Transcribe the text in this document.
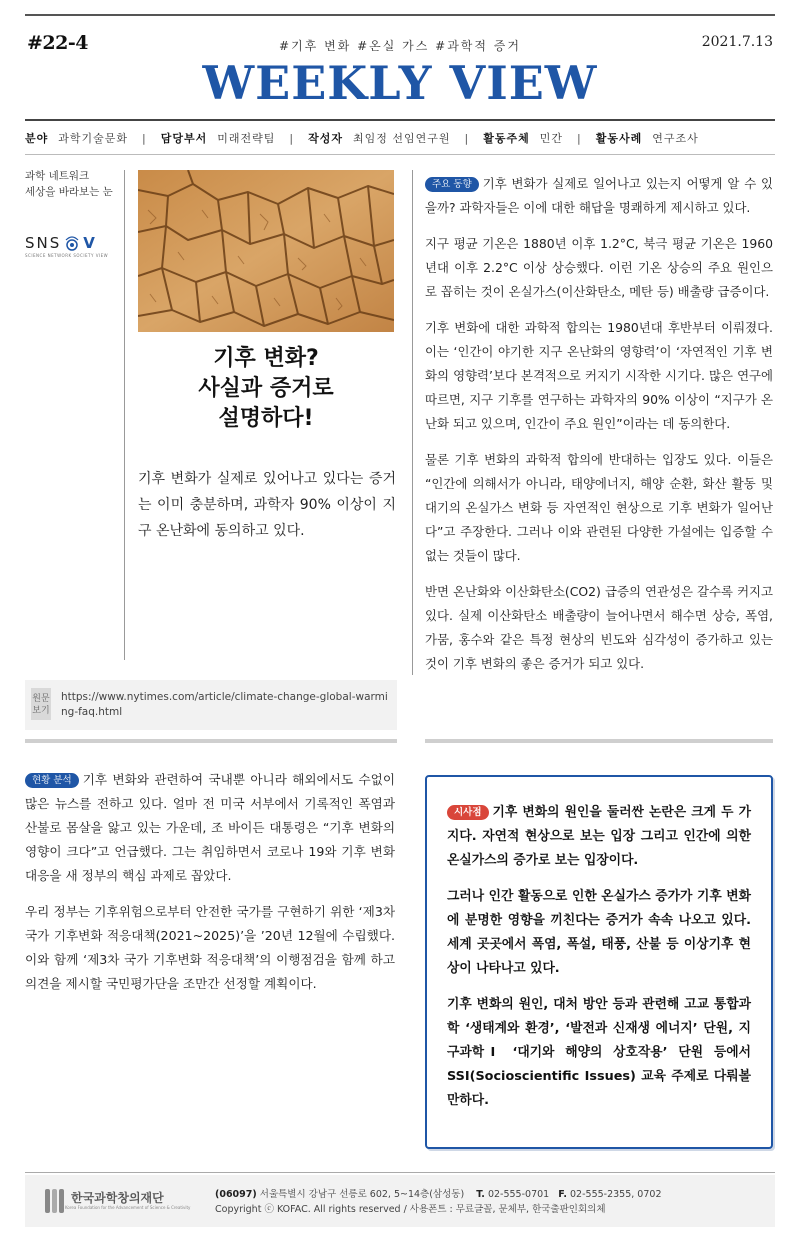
#22-4	#기후 변화 #온실 가스 #과학적 증거	2021.7.13
WEEKLY VIEW
분야 과학기술문화 | 담당부서 미래전략팀 | 작성자 최임정 선임연구원 | 활동주체 민간 | 활동사례 연구조사
과학 네트워크
세상을 바라보는 눈
SNS V
SCIENCE NETWORK SOCIETY VIEW
기후 변화?
사실과 증거로
설명하다!
기후 변화가 실제로 있어나고 있다는 증거는 이미 충분하며, 과학자 90% 이상이 지구 온난화에 동의하고 있다.
원문
보기
https://www.nytimes.com/article/climate-change-global-warming-faq.html

주요 동향 기후 변화가 실제로 일어나고 있는지 어떻게 알 수 있을까? 과학자들은 이에 대한 해답을 명쾌하게 제시하고 있다.

지구 평균 기온은 1880년 이후 1.2°C, 북극 평균 기온은 1960년대 이후 2.2°C 이상 상승했다. 이런 기온 상승의 주요 원인으로 꼽히는 것이 온실가스(이산화탄소, 메탄 등) 배출량 급증이다.

기후 변화에 대한 과학적 합의는 1980년대 후반부터 이뤄졌다. 이는 ‘인간이 야기한 지구 온난화의 영향력’이 ‘자연적인 기후 변화의 영향력’보다 본격적으로 커지기 시작한 시기다. 많은 연구에 따르면, 지구 기후를 연구하는 과학자의 90% 이상이 “지구가 온난화 되고 있으며, 인간이 주요 원인”이라는 데 동의한다.

물론 기후 변화의 과학적 합의에 반대하는 입장도 있다. 이들은 “인간에 의해서가 아니라, 태양에너지, 해양 순환, 화산 활동 및 대기의 온실가스 변화 등 자연적인 현상으로 기후 변화가 일어난다”고 주장한다. 그러나 이와 관련된 다양한 가설에는 입증할 수 없는 것들이 많다.

반면 온난화와 이산화탄소(CO2) 급증의 연관성은 갈수록 커지고 있다. 실제 이산화탄소 배출량이 늘어나면서 해수면 상승, 폭염, 가뭄, 홍수와 같은 특정 현상의 빈도와 심각성이 증가하고 있는 것이 기후 변화의 좋은 증거가 되고 있다.

현황 분석 기후 변화와 관련하여 국내뿐 아니라 해외에서도 수없이 많은 뉴스를 전하고 있다. 얼마 전 미국 서부에서 기록적인 폭염과 산불로 몸살을 앓고 있는 가운데, 조 바이든 대통령은 “기후 변화의 영향이 크다”고 언급했다. 그는 취임하면서 코로나 19와 기후 변화 대응을 새 정부의 핵심 과제로 꼽았다.

우리 정부는 기후위험으로부터 안전한 국가를 구현하기 위한 ‘제3차 국가 기후변화 적응대책(2021~2025)’을 ’20년 12월에 수립했다. 이와 함께 ‘제3차 국가 기후변화 적응대책’의 이행점검을 함께 하고 의견을 제시할 국민평가단을 조만간 선정할 계획이다.

시사점 기후 변화의 원인을 둘러싼 논란은 크게 두 가지다. 자연적 현상으로 보는 입장 그리고 인간에 의한 온실가스의 증가로 보는 입장이다.

그러나 인간 활동으로 인한 온실가스 증가가 기후 변화에 분명한 영향을 끼친다는 증거가 속속 나오고 있다. 세계 곳곳에서 폭염, 폭설, 태풍, 산불 등 이상기후 현상이 나타나고 있다.

기후 변화의 원인, 대처 방안 등과 관련해 고교 통합과학 ‘생태계와 환경’, ‘발전과 신재생 에너지’ 단원, 지구과학Ⅰ ‘대기와 해양의 상호작용’ 단원 등에서 SSI(Socioscientific Issues) 교육 주제로 다뤄볼 만하다.

한국과학창의재단
Korea Foundation for the Advancement of Science & Creativity
(06097) 서울특별시 강남구 선릉로 602, 5~14층(삼성동) T. 02-555-0701 F. 02-555-2355, 0702
Copyright ⓒ KOFAC. All rights reserved / 사용폰트 : 무료글꼴, 문체부, 한국출판인회의체
